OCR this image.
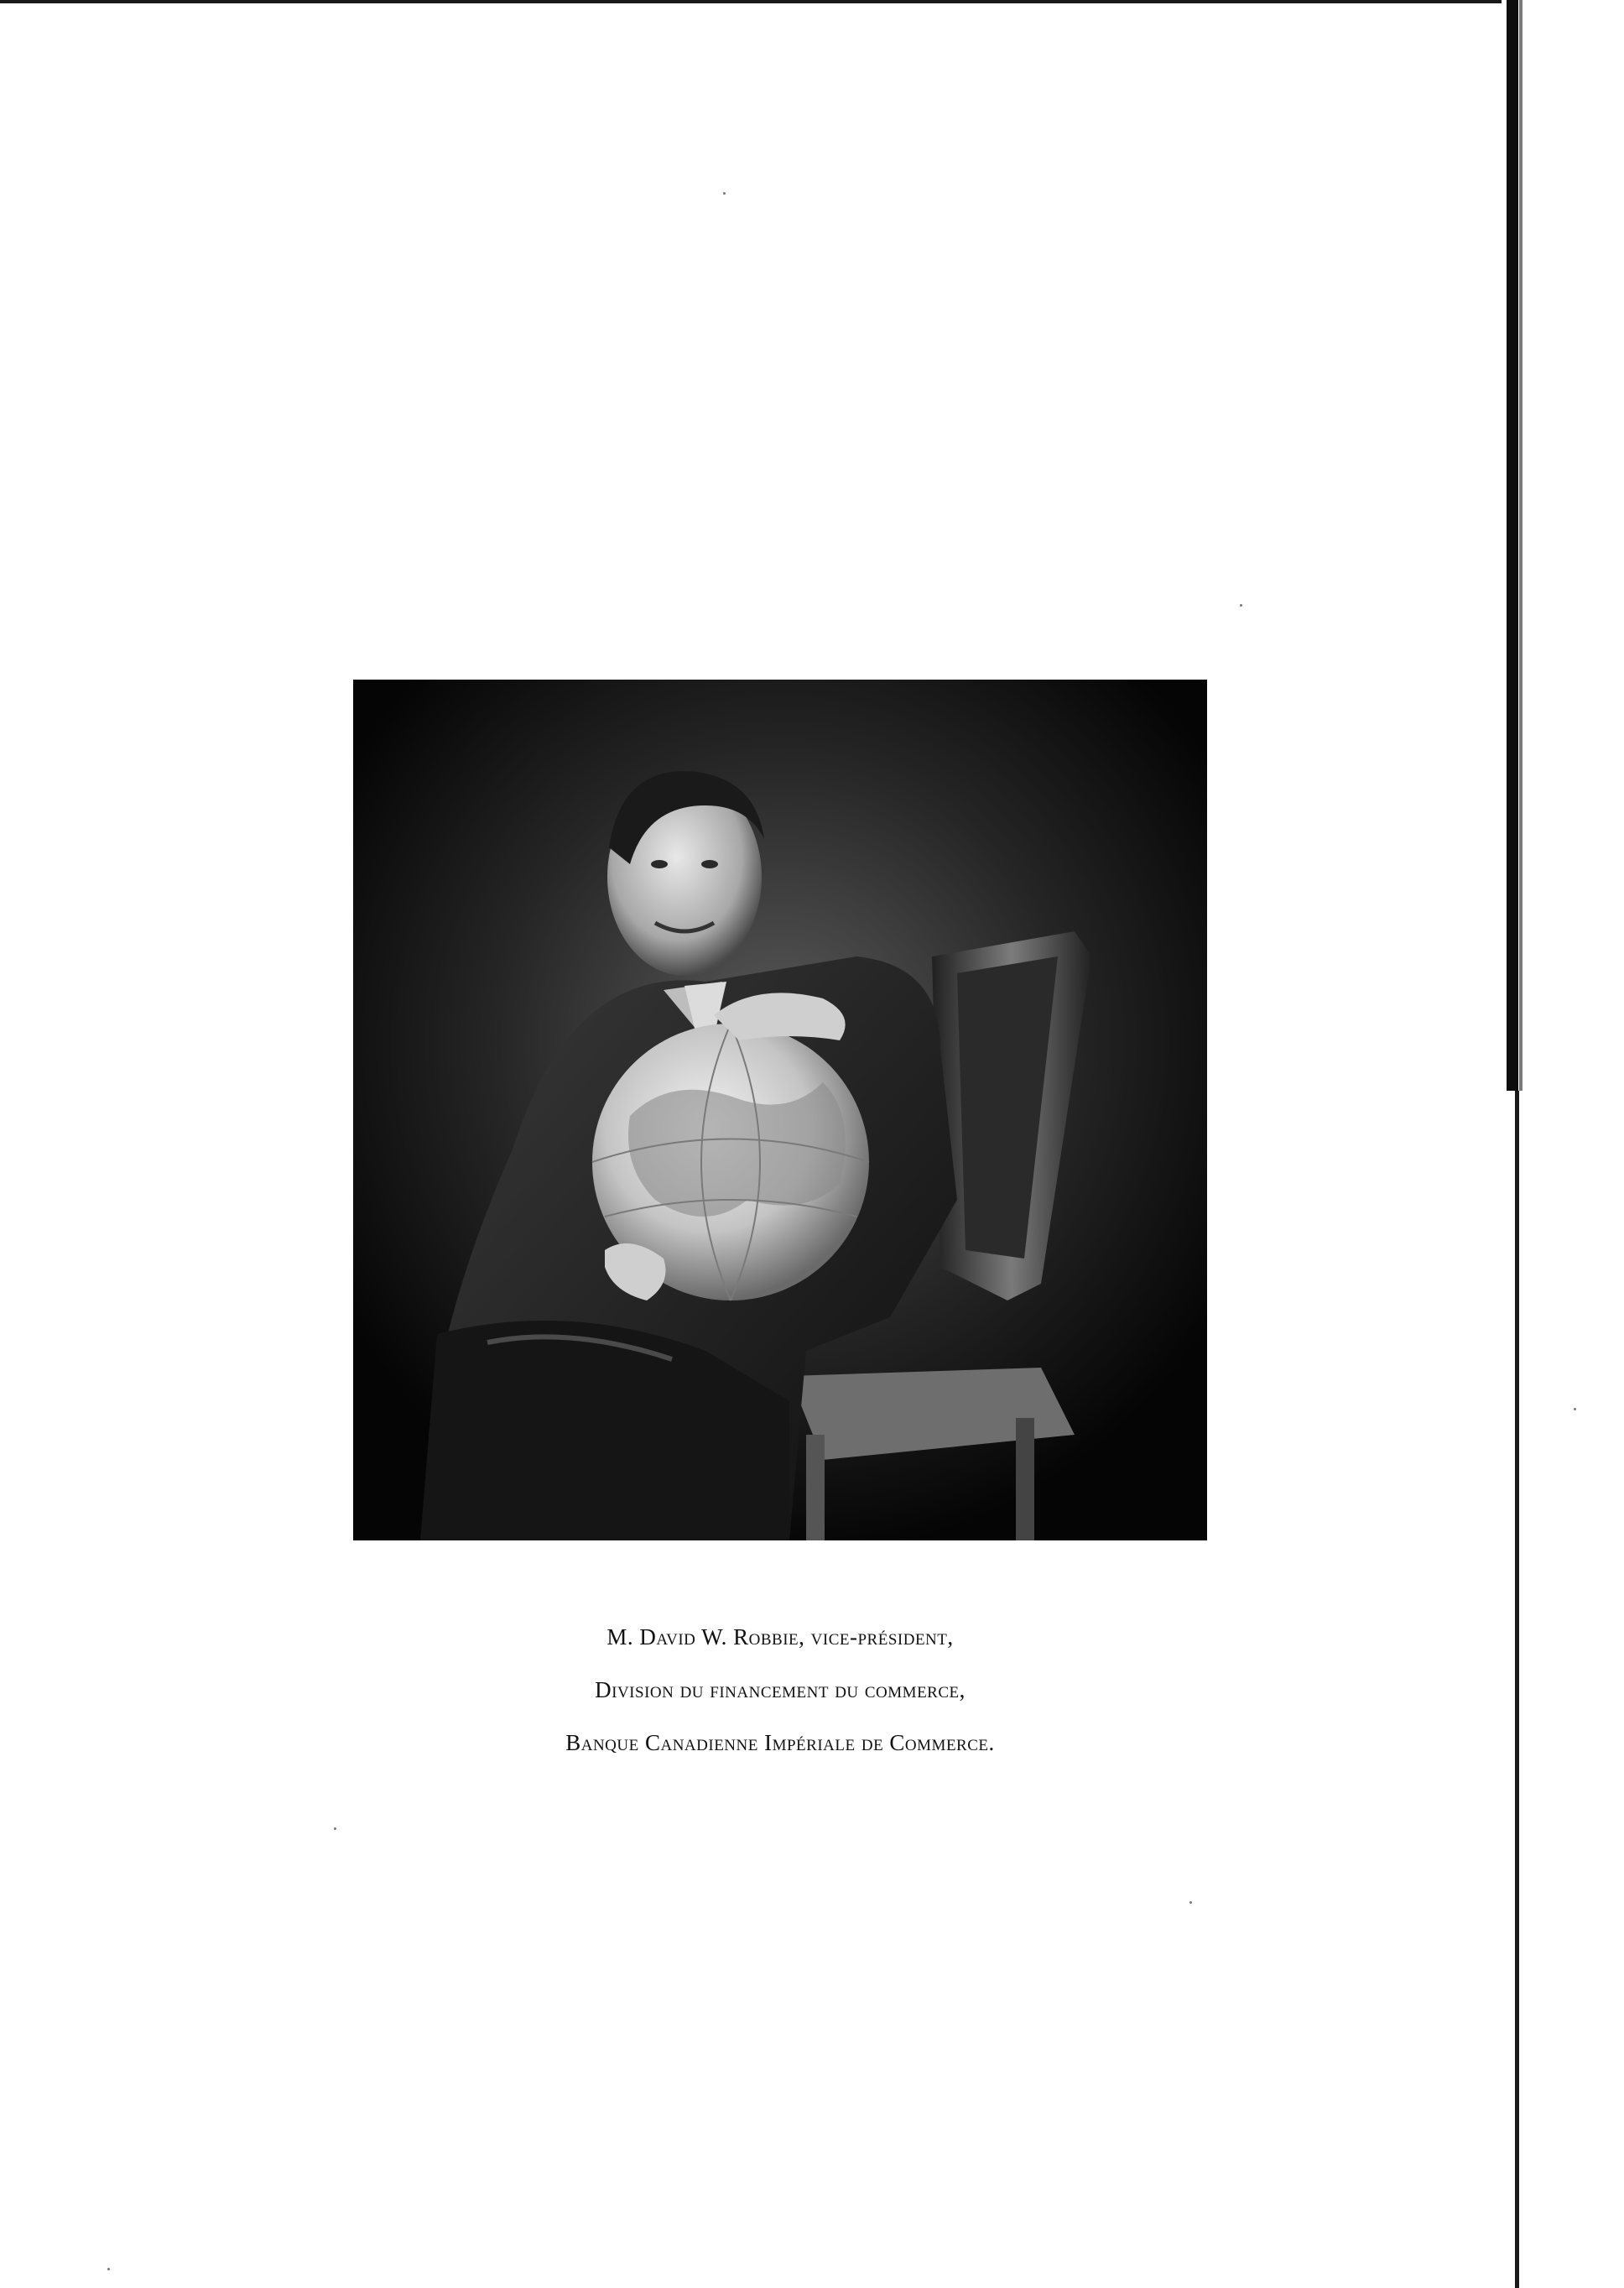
M. David W. Robbie, vice-président,
Division du financement du commerce,
Banque Canadienne Impériale de Commerce.
